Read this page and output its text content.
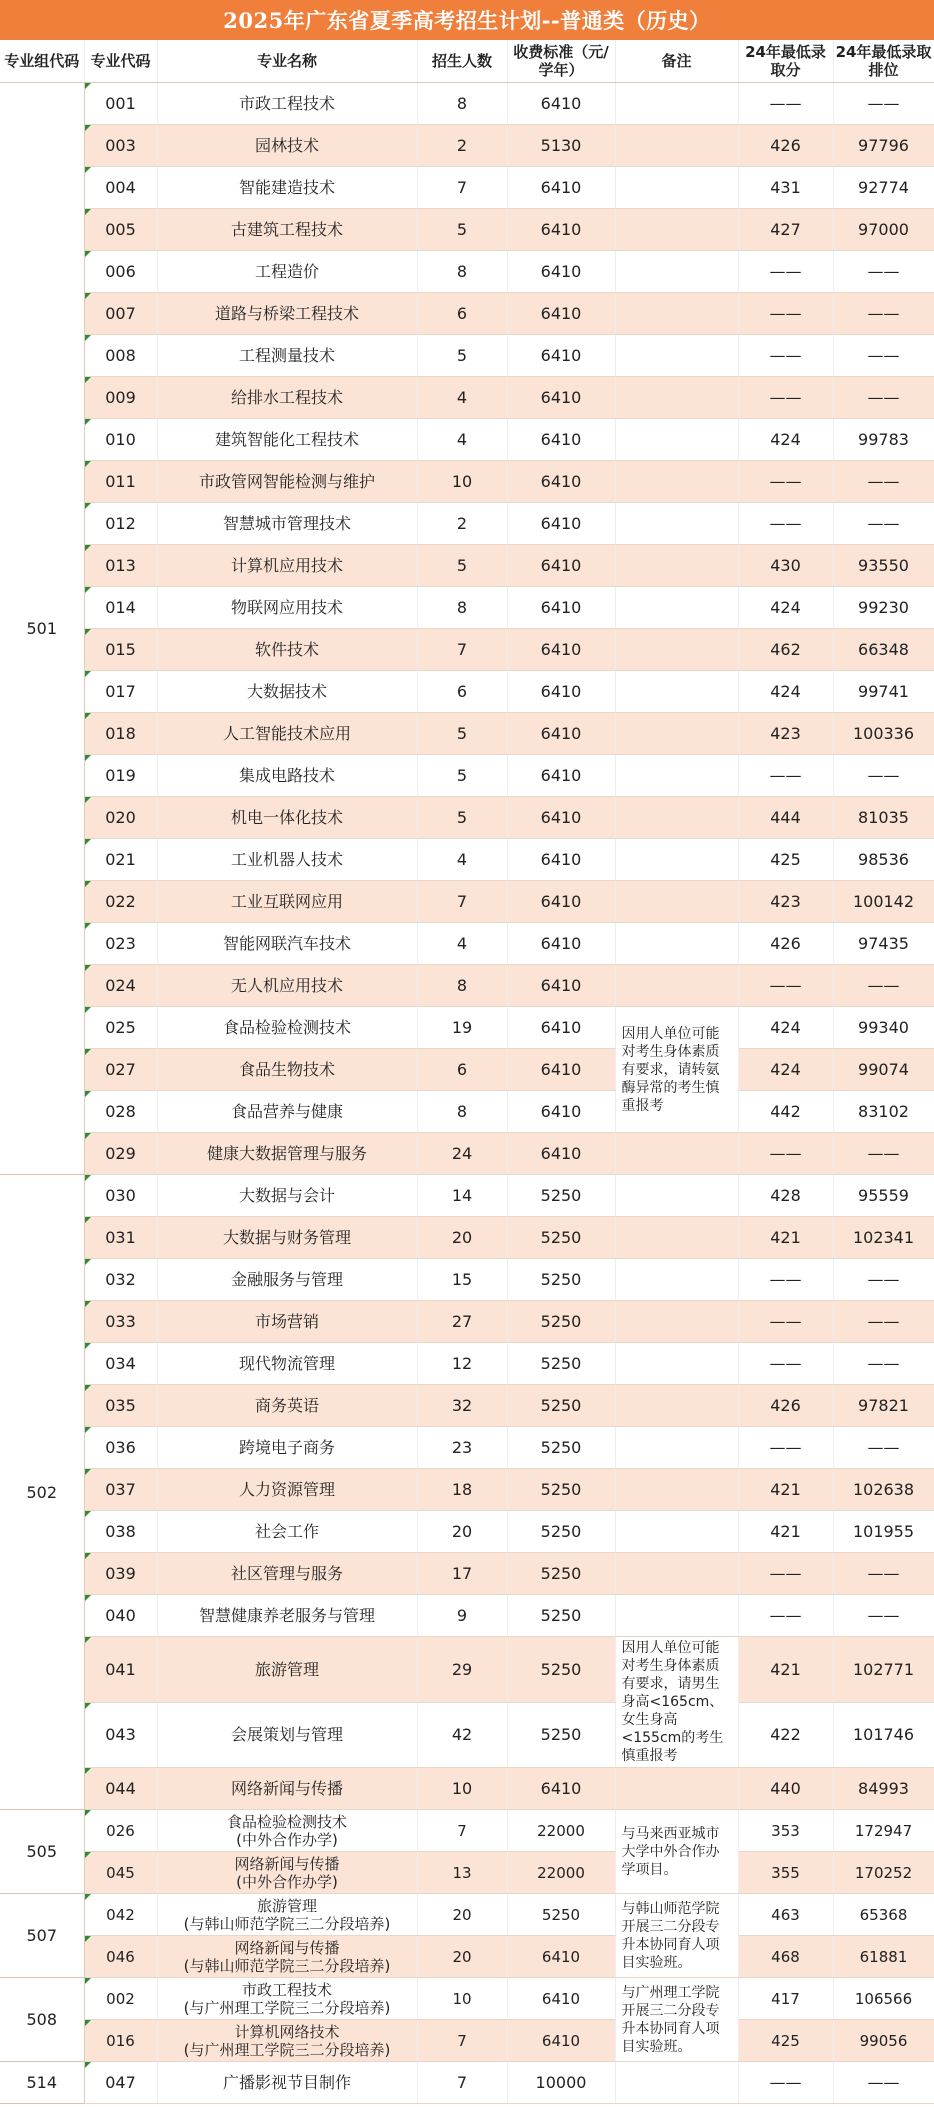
2025年广东省夏季高考招生计划--普通类（历史）
专业组代码	专业代码	专业名称	招生人数	收费标准（元/学年）	备注	24年最低录取分	24年最低录取排位
501	001	市政工程技术	8	6410		——	——
	003	园林技术	2	5130		426	97796
	004	智能建造技术	7	6410		431	92774
	005	古建筑工程技术	5	6410		427	97000
	006	工程造价	8	6410		——	——
	007	道路与桥梁工程技术	6	6410		——	——
	008	工程测量技术	5	6410		——	——
	009	给排水工程技术	4	6410		——	——
	010	建筑智能化工程技术	4	6410		424	99783
	011	市政管网智能检测与维护	10	6410		——	——
	012	智慧城市管理技术	2	6410		——	——
	013	计算机应用技术	5	6410		430	93550
	014	物联网应用技术	8	6410		424	99230
	015	软件技术	7	6410		462	66348
	017	大数据技术	6	6410		424	99741
	018	人工智能技术应用	5	6410		423	100336
	019	集成电路技术	5	6410		——	——
	020	机电一体化技术	5	6410		444	81035
	021	工业机器人技术	4	6410		425	98536
	022	工业互联网应用	7	6410		423	100142
	023	智能网联汽车技术	4	6410		426	97435
	024	无人机应用技术	8	6410		——	——
	025	食品检验检测技术	19	6410	因用人单位可能对考生身体素质有要求，请转氨酶异常的考生慎重报考	424	99340
	027	食品生物技术	6	6410		424	99074
	028	食品营养与健康	8	6410		442	83102
	029	健康大数据管理与服务	24	6410		——	——
502	030	大数据与会计	14	5250		428	95559
	031	大数据与财务管理	20	5250		421	102341
	032	金融服务与管理	15	5250		——	——
	033	市场营销	27	5250		——	——
	034	现代物流管理	12	5250		——	——
	035	商务英语	32	5250		426	97821
	036	跨境电子商务	23	5250		——	——
	037	人力资源管理	18	5250		421	102638
	038	社会工作	20	5250		421	101955
	039	社区管理与服务	17	5250		——	——
	040	智慧健康养老服务与管理	9	5250		——	——
	041	旅游管理	29	5250	因用人单位可能对考生身体素质有要求，请男生身高<165cm、女生身高<155cm的考生慎重报考	421	102771
	043	会展策划与管理	42	5250		422	101746
	044	网络新闻与传播	10	6410		440	84993
505	026	食品检验检测技术
(中外合作办学)	7	22000	与马来西亚城市大学中外合作办学项目。	353	172947
	045	网络新闻与传播
(中外合作办学)	13	22000		355	170252
507	042	旅游管理
(与韩山师范学院三二分段培养)	20	5250	与韩山师范学院开展三二分段专升本协同育人项目实验班。	463	65368
	046	网络新闻与传播
(与韩山师范学院三二分段培养)	20	6410		468	61881
508	002	市政工程技术
(与广州理工学院三二分段培养)	10	6410	与广州理工学院开展三二分段专升本协同育人项目实验班。	417	106566
	016	计算机网络技术
(与广州理工学院三二分段培养)	7	6410		425	99056
514	047	广播影视节目制作	7	10000		——	——
